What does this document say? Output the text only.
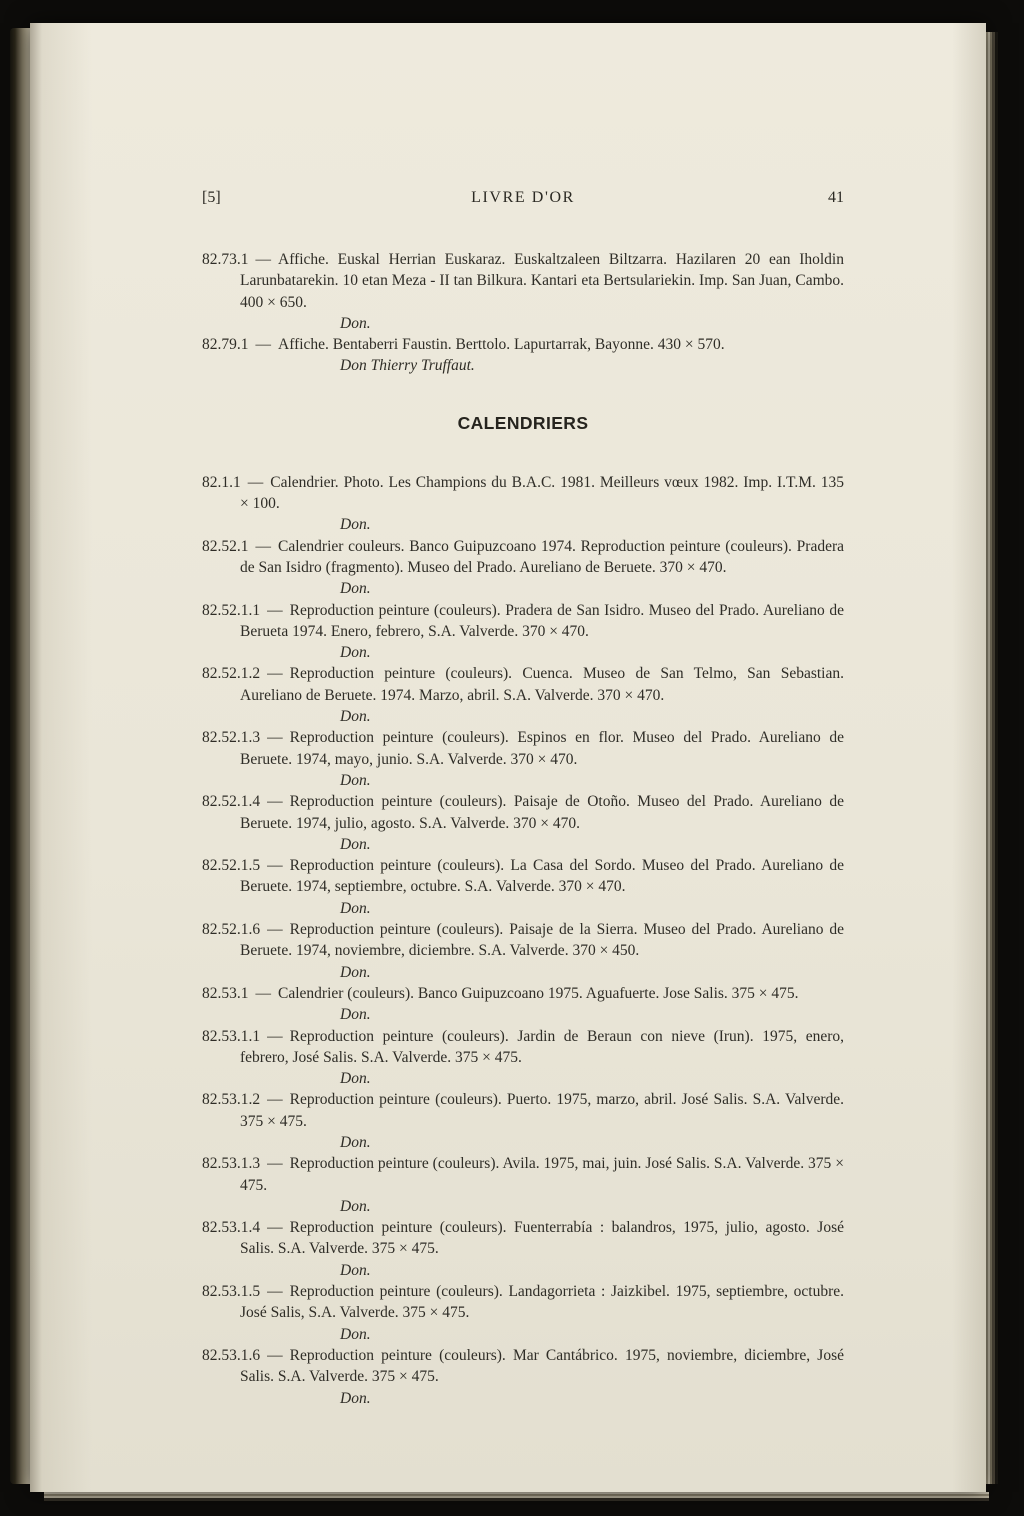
[5]	LIVRE D'OR	41

82.73.1 — Affiche. Euskal Herrian Euskaraz. Euskaltzaleen Biltzarra. Hazilaren 20 ean Iholdin Larunbatarekin. 10 etan Meza - II tan Bilkura. Kantari eta Bertsulariekin. Imp. San Juan, Cambo. 400 × 650.

Don.

82.79.1 — Affiche. Bentaberri Faustin. Berttolo. Lapurtarrak, Bayonne. 430 × 570.

Don Thierry Truffaut.

CALENDRIERS

82.1.1 — Calendrier. Photo. Les Champions du B.A.C. 1981. Meilleurs vœux 1982. Imp. I.T.M. 135 × 100.

Don.

82.52.1 — Calendrier couleurs. Banco Guipuzcoano 1974. Reproduction peinture (couleurs). Pradera de San Isidro (fragmento). Museo del Prado. Aureliano de Beruete. 370 × 470.

Don.

82.52.1.1 — Reproduction peinture (couleurs). Pradera de San Isidro. Museo del Prado. Aureliano de Berueta 1974. Enero, febrero, S.A. Valverde. 370 × 470.

Don.

82.52.1.2 — Reproduction peinture (couleurs). Cuenca. Museo de San Telmo, San Sebastian. Aureliano de Beruete. 1974. Marzo, abril. S.A. Valverde. 370 × 470.

Don.

82.52.1.3 — Reproduction peinture (couleurs). Espinos en flor. Museo del Prado. Aureliano de Beruete. 1974, mayo, junio. S.A. Valverde. 370 × 470.

Don.

82.52.1.4 — Reproduction peinture (couleurs). Paisaje de Otoño. Museo del Prado. Aureliano de Beruete. 1974, julio, agosto. S.A. Valverde. 370 × 470.

Don.

82.52.1.5 — Reproduction peinture (couleurs). La Casa del Sordo. Museo del Prado. Aureliano de Beruete. 1974, septiembre, octubre. S.A. Valverde. 370 × 470.

Don.

82.52.1.6 — Reproduction peinture (couleurs). Paisaje de la Sierra. Museo del Prado. Aureliano de Beruete. 1974, noviembre, diciembre. S.A. Valverde. 370 × 450.

Don.

82.53.1 — Calendrier (couleurs). Banco Guipuzcoano 1975. Aguafuerte. Jose Salis. 375 × 475.

Don.

82.53.1.1 — Reproduction peinture (couleurs). Jardin de Beraun con nieve (Irun). 1975, enero, febrero, José Salis. S.A. Valverde. 375 × 475.

Don.

82.53.1.2 — Reproduction peinture (couleurs). Puerto. 1975, marzo, abril. José Salis. S.A. Valverde. 375 × 475.

Don.

82.53.1.3 — Reproduction peinture (couleurs). Avila. 1975, mai, juin. José Salis. S.A. Valverde. 375 × 475.

Don.

82.53.1.4 — Reproduction peinture (couleurs). Fuenterrabía : balandros, 1975, julio, agosto. José Salis. S.A. Valverde. 375 × 475.

Don.

82.53.1.5 — Reproduction peinture (couleurs). Landagorrieta : Jaizkibel. 1975, septiembre, octubre. José Salis, S.A. Valverde. 375 × 475.

Don.

82.53.1.6 — Reproduction peinture (couleurs). Mar Cantábrico. 1975, noviembre, diciembre, José Salis. S.A. Valverde. 375 × 475.

Don.
